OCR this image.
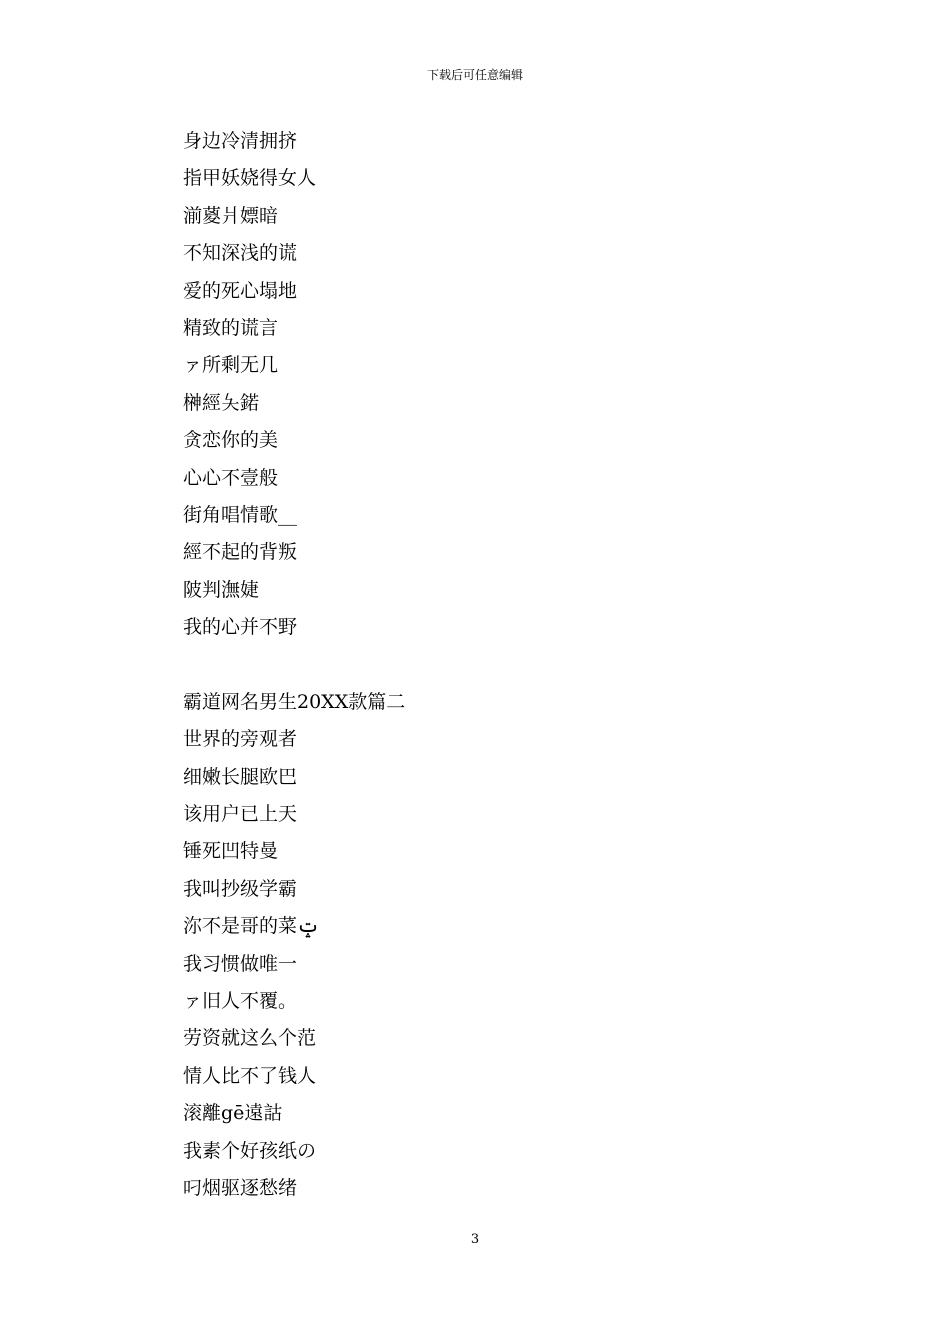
下载后可任意编辑
身边冷清拥挤
指甲妖娆得女人
湔葼爿嫖暗
不知深浅的谎
爱的死心塌地
精致的谎言
ァ所剩无几
榊經夨鍩
贪恋你的美
心心不壹般
街角唱情歌__
經不起的背叛
陂判潕婕
我的心并不野
霸道网名男生20XX款篇二
世界的旁观者
细嫩长腿欧巴
该用户已上天
锤死凹特曼
我叫抄级学霸
沵不是哥的菜ݓ
我习惯做唯一
ァ旧人不覆。
劳资就这么个范
情人比不了钱人
滚離gē遠詁
我素个好孩纸の
叼烟驱逐愁绪
3
